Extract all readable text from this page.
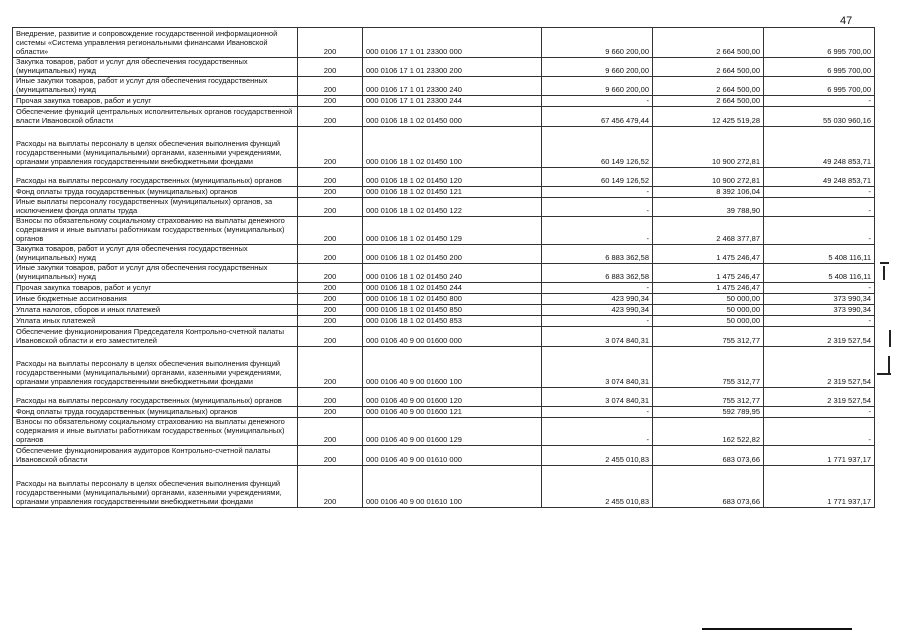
47
Внедрение, развитие и сопровождение государственной информационной системы «Система управления региональными финансами Ивановской области»	200	000 0106 17 1 01 23300 000	9 660 200,00	2 664 500,00	6 995 700,00
Закупка товаров, работ и услуг для обеспечения государственных (муниципальных) нужд	200	000 0106 17 1 01 23300 200	9 660 200,00	2 664 500,00	6 995 700,00
Иные закупки товаров, работ и услуг для обеспечения государственных (муниципальных) нужд	200	000 0106 17 1 01 23300 240	9 660 200,00	2 664 500,00	6 995 700,00
Прочая закупка товаров, работ и услуг	200	000 0106 17 1 01 23300 244	-	2 664 500,00	-
Обеспечение функций центральных исполнительных органов государственной власти Ивановской области	200	000 0106 18 1 02 01450 000	67 456 479,44	12 425 519,28	55 030 960,16
Расходы на выплаты персоналу в целях обеспечения выполнения функций государственными (муниципальными) органами, казенными учреждениями, органами управления государственными внебюджетными фондами	200	000 0106 18 1 02 01450 100	60 149 126,52	10 900 272,81	49 248 853,71
Расходы на выплаты персоналу государственных (муниципальных) органов	200	000 0106 18 1 02 01450 120	60 149 126,52	10 900 272,81	49 248 853,71
Фонд оплаты труда государственных (муниципальных) органов	200	000 0106 18 1 02 01450 121	-	8 392 106,04	-
Иные выплаты персоналу государственных (муниципальных) органов, за исключением фонда оплаты труда	200	000 0106 18 1 02 01450 122	-	39 788,90	-
Взносы по обязательному социальному страхованию на выплаты денежного содержания и иные выплаты работникам государственных (муниципальных) органов	200	000 0106 18 1 02 01450 129	-	2 468 377,87	-
Закупка товаров, работ и услуг для обеспечения государственных (муниципальных) нужд	200	000 0106 18 1 02 01450 200	6 883 362,58	1 475 246,47	5 408 116,11
Иные закупки товаров, работ и услуг для обеспечения государственных (муниципальных) нужд	200	000 0106 18 1 02 01450 240	6 883 362,58	1 475 246,47	5 408 116,11
Прочая закупка товаров, работ и услуг	200	000 0106 18 1 02 01450 244	-	1 475 246,47	-
Иные бюджетные ассигнования	200	000 0106 18 1 02 01450 800	423 990,34	50 000,00	373 990,34
Уплата налогов, сборов и иных платежей	200	000 0106 18 1 02 01450 850	423 990,34	50 000,00	373 990,34
Уплата иных платежей	200	000 0106 18 1 02 01450 853	-	50 000,00	-
Обеспечение функционирования Председателя Контрольно-счетной палаты Ивановской области и его заместителей	200	000 0106 40 9 00 01600 000	3 074 840,31	755 312,77	2 319 527,54
Расходы на выплаты персоналу в целях обеспечения выполнения функций государственными (муниципальными) органами, казенными учреждениями, органами управления государственными внебюджетными фондами	200	000 0106 40 9 00 01600 100	3 074 840,31	755 312,77	2 319 527,54
Расходы на выплаты персоналу государственных (муниципальных) органов	200	000 0106 40 9 00 01600 120	3 074 840,31	755 312,77	2 319 527,54
Фонд оплаты труда государственных (муниципальных) органов	200	000 0106 40 9 00 01600 121	-	592 789,95	-
Взносы по обязательному социальному страхованию на выплаты денежного содержания и иные выплаты работникам государственных (муниципальных) органов	200	000 0106 40 9 00 01600 129	-	162 522,82	-
Обеспечение функционирования аудиторов Контрольно-счетной палаты Ивановской области	200	000 0106 40 9 00 01610 000	2 455 010,83	683 073,66	1 771 937,17
Расходы на выплаты персоналу в целях обеспечения выполнения функций государственными (муниципальными) органами, казенными учреждениями, органами управления государственными внебюджетными фондами	200	000 0106 40 9 00 01610 100	2 455 010,83	683 073,66	1 771 937,17
